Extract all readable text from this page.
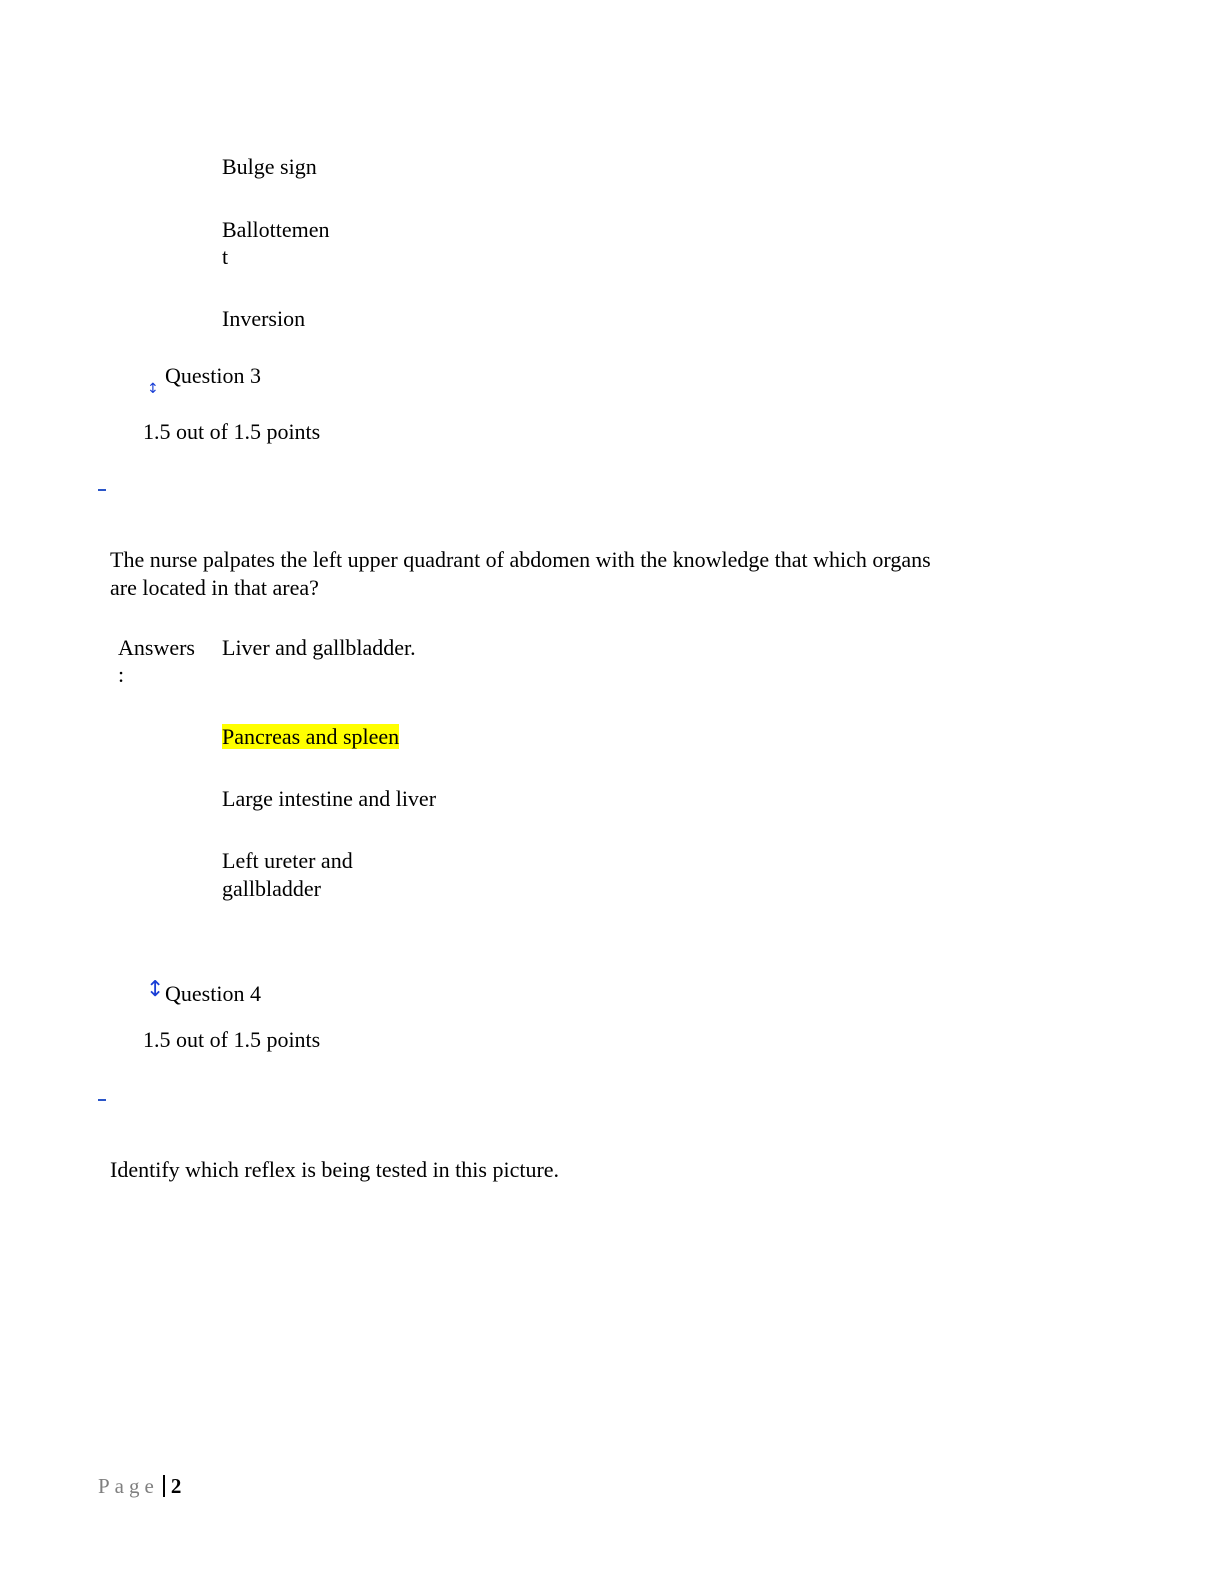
Bulge sign
Ballottemen
t
Inversion
↕
Question 3
1.5 out of 1.5 points
The nurse palpates the left upper quadrant of abdomen with the knowledge that which organs
are located in that area?
Answers
:
Liver and gallbladder.
Pancreas and spleen
Large intestine and liver
Left ureter and
gallbladder
↕ Question 4
1.5 out of 1.5 points
Identify which reflex is being tested in this picture.
Page 2
